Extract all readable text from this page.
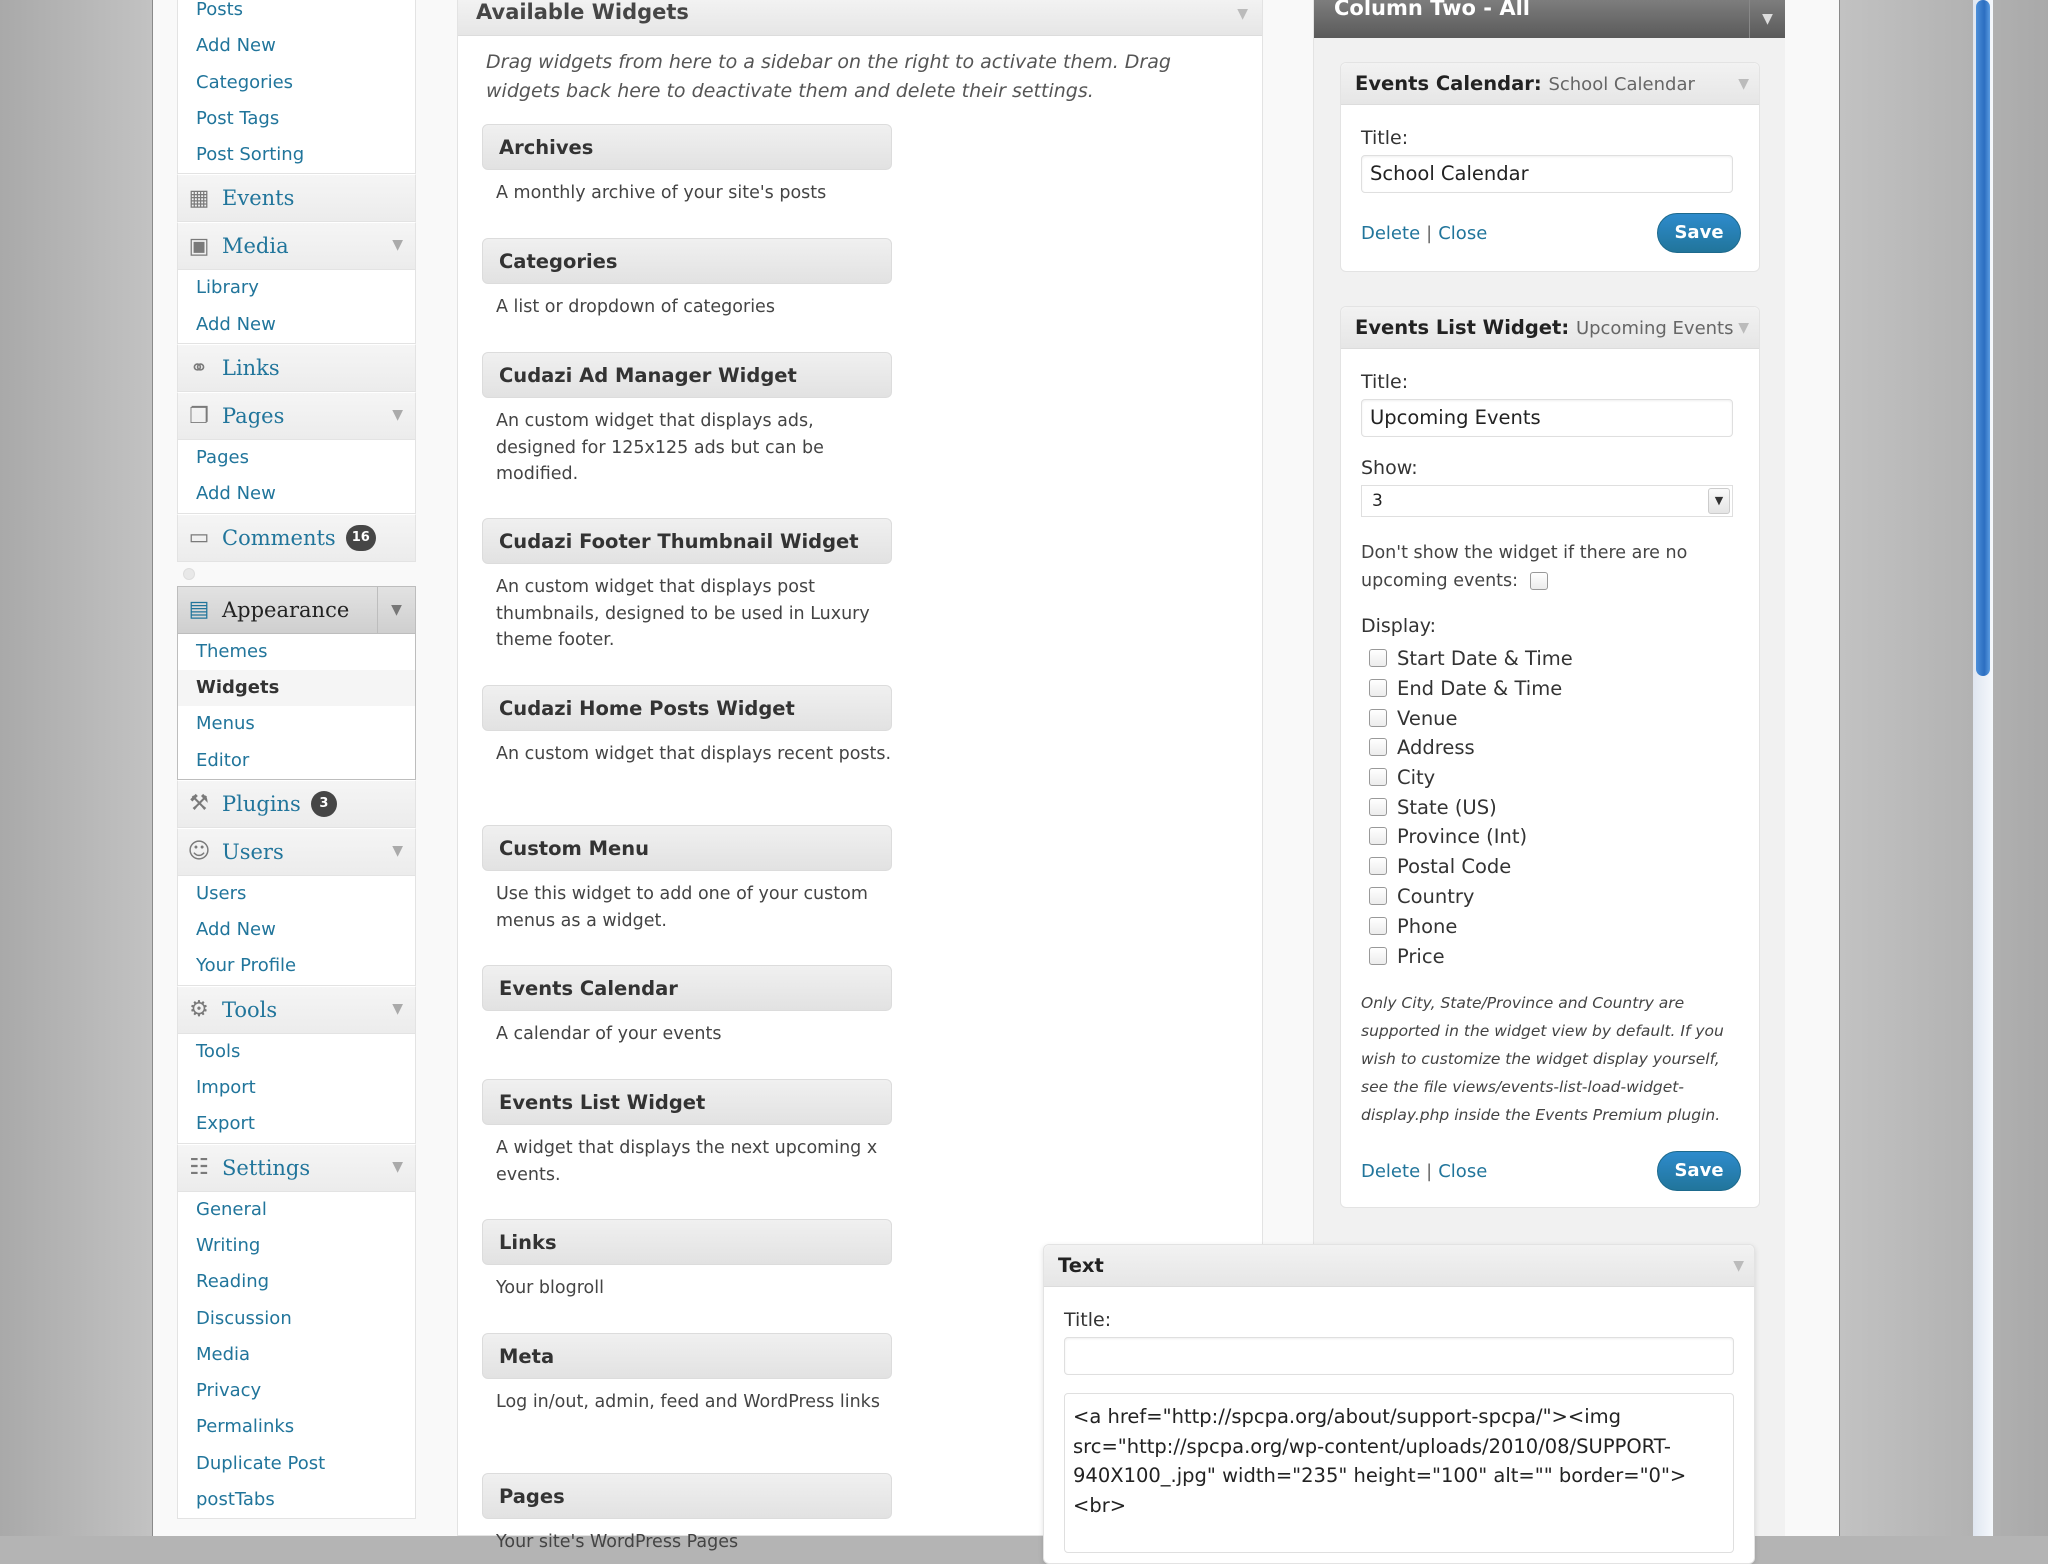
Posts
Add New
Categories
Post Tags
Post Sorting
▦ Events
▣ Media	▼
Library
Add New
⚭ Links
❐ Pages	▼
Pages
Add New
▭ Comments	16
▤ Appearance	▼
Themes
Widgets
Menus
Editor
⚒ Plugins	3
☺ Users	▼
Users
Add New
Your Profile
⚙ Tools	▼
Tools
Import
Export
☷ Settings	▼
General
Writing
Reading
Discussion
Media
Privacy
Permalinks
Duplicate Post
postTabs
Available Widgets	▼
Drag widgets from here to a sidebar on the right to activate them. Drag widgets back here to deactivate them and delete their settings.
Archives
A monthly archive of your site's posts
Categories
A list or dropdown of categories
Cudazi Ad Manager Widget
An custom widget that displays ads, designed for 125x125 ads but can be modified.
Cudazi Footer Thumbnail Widget
An custom widget that displays post thumbnails, designed to be used in Luxury theme footer.
Cudazi Home Posts Widget
An custom widget that displays recent posts.
Custom Menu
Use this widget to add one of your custom menus as a widget.
Events Calendar
A calendar of your events
Events List Widget
A widget that displays the next upcoming x events.
Links
Your blogroll
Meta
Log in/out, admin, feed and WordPress links
Pages
Your site's WordPress Pages
Column Two - All	▼
Events Calendar: School Calendar	▼
Title:
School Calendar
Delete | Close	Save
Events List Widget: Upcoming Events ▼
Title:
Upcoming Events
Show:
3	▼
Don't show the widget if there are no upcoming events:
Display:
Start Date & Time
End Date & Time
Venue
Address
City
State (US)
Province (Int)
Postal Code
Country
Phone
Price
Only City, State/Province and Country are supported in the widget view by default. If you wish to customize the widget display yourself, see the file views/events-list-load-widget-display.php inside the Events Premium plugin.
Delete | Close	Save
Text	▼
Title:
<a href="http://spcpa.org/about/support-spcpa/"><img src="http://spcpa.org/wp-content/uploads/2010/08/SUPPORT-940X100_.jpg" width="235" height="100" alt="" border="0">
<br>
